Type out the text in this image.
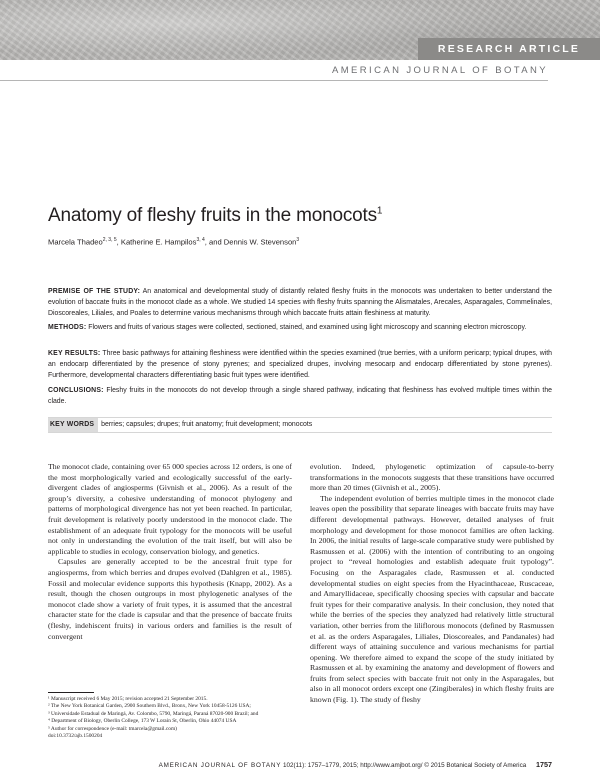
RESEARCH ARTICLE
AMERICAN JOURNAL OF BOTANY
Anatomy of fleshy fruits in the monocots$^1$
Marcela Thadeo$^{2, 3, 5}$, Katherine E. Hampilos$^{3, 4}$, and Dennis W. Stevenson$^3$

PREMISE OF THE STUDY: An anatomical and developmental study of distantly related fleshy fruits in the monocots was undertaken to better understand the evolution of baccate fruits in the monocot clade as a whole. We studied 14 species with fleshy fruits spanning the Alismatales, Arecales, Asparagales, Commelinales, Dioscoreales, Liliales, and Poales to determine various mechanisms through which baccate fruits attain fleshiness at maturity.

METHODS: Flowers and fruits of various stages were collected, sectioned, stained, and examined using light microscopy and scanning electron microscopy.

KEY RESULTS: Three basic pathways for attaining fleshiness were identified within the species examined (true berries, with a uniform pericarp; typical drupes, with an endocarp differentiated by the presence of stony pyrenes; and specialized drupes, involving mesocarp and endocarp differentiated by stone pyrenes). Furthermore, developmental characters differentiating basic fruit types were identified.

CONCLUSIONS: Fleshy fruits in the monocots do not develop through a single shared pathway, indicating that fleshiness has evolved multiple times within the clade.

KEY WORDS berries; capsules; drupes; fruit anatomy; fruit development; monocots

The monocot clade, containing over 65 000 species across 12 orders, is one of the most morphologically varied and ecologically successful of the early-divergent clades of angiosperms (Givnish et al., 2006). As a result of the group’s diversity, a cohesive understanding of monocot phylogeny and patterns of morphological divergence has not yet been reached. In particular, fruit development is relatively poorly understood in the monocot clade. The establishment of an adequate fruit typology for the monocots will be useful not only in understanding the evolution of the trait itself, but will also be applicable to studies in ecology, conservation biology, and genetics.

Capsules are generally accepted to be the ancestral fruit type for angiosperms, from which berries and drupes evolved (Dahlgren et al., 1985). Fossil and molecular evidence supports this hypothesis (Knapp, 2002). As a result, though the chosen outgroups in most phylogenetic analyses of the monocot clade show a variety of fruit types, it is assumed that the ancestral character state for the clade is capsular and that the presence of baccate fruits (fleshy, indehiscent fruits) in various orders and families is the result of convergent

evolution. Indeed, phylogenetic optimization of capsule-to-berry transformations in the monocots suggests that these transitions have occurred more than 20 times (Givnish et al., 2005).

The independent evolution of berries multiple times in the monocot clade leaves open the possibility that separate lineages with baccate fruits may have different developmental pathways. However, detailed analyses of fruit morphology and development for those monocot families are often lacking. In 2006, the initial results of large-scale comparative study were published by Rasmussen et al. (2006) with the intention of contributing to an ongoing project to “reveal homologies and establish adequate fruit typology”. Focusing on the Asparagales clade, Rasmussen et al. conducted developmental studies on eight species from the Hyacinthaceae, Ruscaceae, and Amaryllidaceae, specifically choosing species with capsular and baccate fruit types for their comparative analysis. In their conclusion, they noted that while the berries of the species they analyzed had relatively little structural variation, other berries from the liliflorous monocots (defined by Rasmussen et al. as the orders Asparagales, Liliales, Dioscoreales, and Pandanales) had different ways of attaining succulence and various mechanisms for partial opening. We therefore aimed to expand the scope of the study initiated by Rasmussen et al. by examining the anatomy and development of flowers and fruits from select species with baccate fruit not only in the Asparagales, but also in all monocot orders except one (Zingiberales) in which fleshy fruits are known (Fig. 1). The study of fleshy

¹ Manuscript received 6 May 2015; revision accepted 21 September 2015.
² The New York Botanical Garden, 2900 Southern Blvd., Bronx, New York 10458-5126 USA;
³ Universidade Estadual de Maringá, Av. Colombo, 5790, Maringá, Paraná 87020-900 Brazil; and
⁴ Department of Biology, Oberlin College, 173 W Lorain St, Oberlin, Ohio 44074 USA
⁵ Author for correspondence (e-mail: tmarcela@gmail.com)
doi:10.3732/ajb.1500204
AMERICAN JOURNAL OF BOTANY 102(11): 1757–1779, 2015; http://www.amjbot.org/ © 2015 Botanical Society of America 1757
